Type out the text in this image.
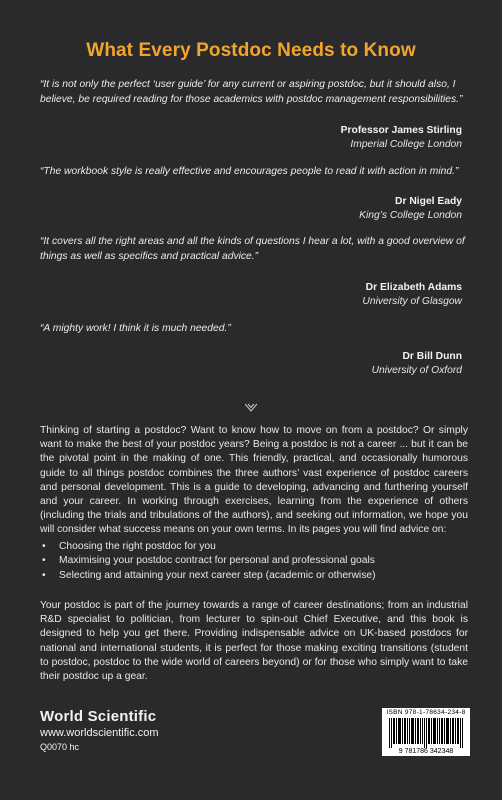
What Every Postdoc Needs to Know
“It is not only the perfect ‘user guide’ for any current or aspiring postdoc, but it should also, I believe, be required reading for those academics with postdoc management responsibilities.”
Professor James Stirling
Imperial College London
“The workbook style is really effective and encourages people to read it with action in mind.”
Dr Nigel Eady
King’s College London
“It covers all the right areas and all the kinds of questions I hear a lot, with a good overview of things as well as specifics and practical advice.”
Dr Elizabeth Adams
University of Glasgow
“A mighty work! I think it is much needed.”
Dr Bill Dunn
University of Oxford
Thinking of starting a postdoc? Want to know how to move on from a postdoc? Or simply want to make the best of your postdoc years? Being a postdoc is not a career ... but it can be the pivotal point in the making of one. This friendly, practical, and occasionally humorous guide to all things postdoc combines the three authors’ vast experience of postdoc careers and personal development. This is a guide to developing, advancing and furthering yourself and your career. In working through exercises, learning from the experience of others (including the trials and tribulations of the authors), and seeking out information, we hope you will consider what success means on your own terms. In its pages you will find advice on:
• Choosing the right postdoc for you
• Maximising your postdoc contract for personal and professional goals
• Selecting and attaining your next career step (academic or otherwise)
Your postdoc is part of the journey towards a range of career destinations; from an industrial R&D specialist to politician, from lecturer to spin-out Chief Executive, and this book is designed to help you get there. Providing indispensable advice on UK-based postdocs for national and international students, it is perfect for those making exciting transitions (student to postdoc, postdoc to the wide world of careers beyond) or for those who simply want to take their postdoc up a gear.
World Scientific
www.worldscientific.com
Q0070 hc
ISBN 978-1-78634-234-8
9 781786 342348
